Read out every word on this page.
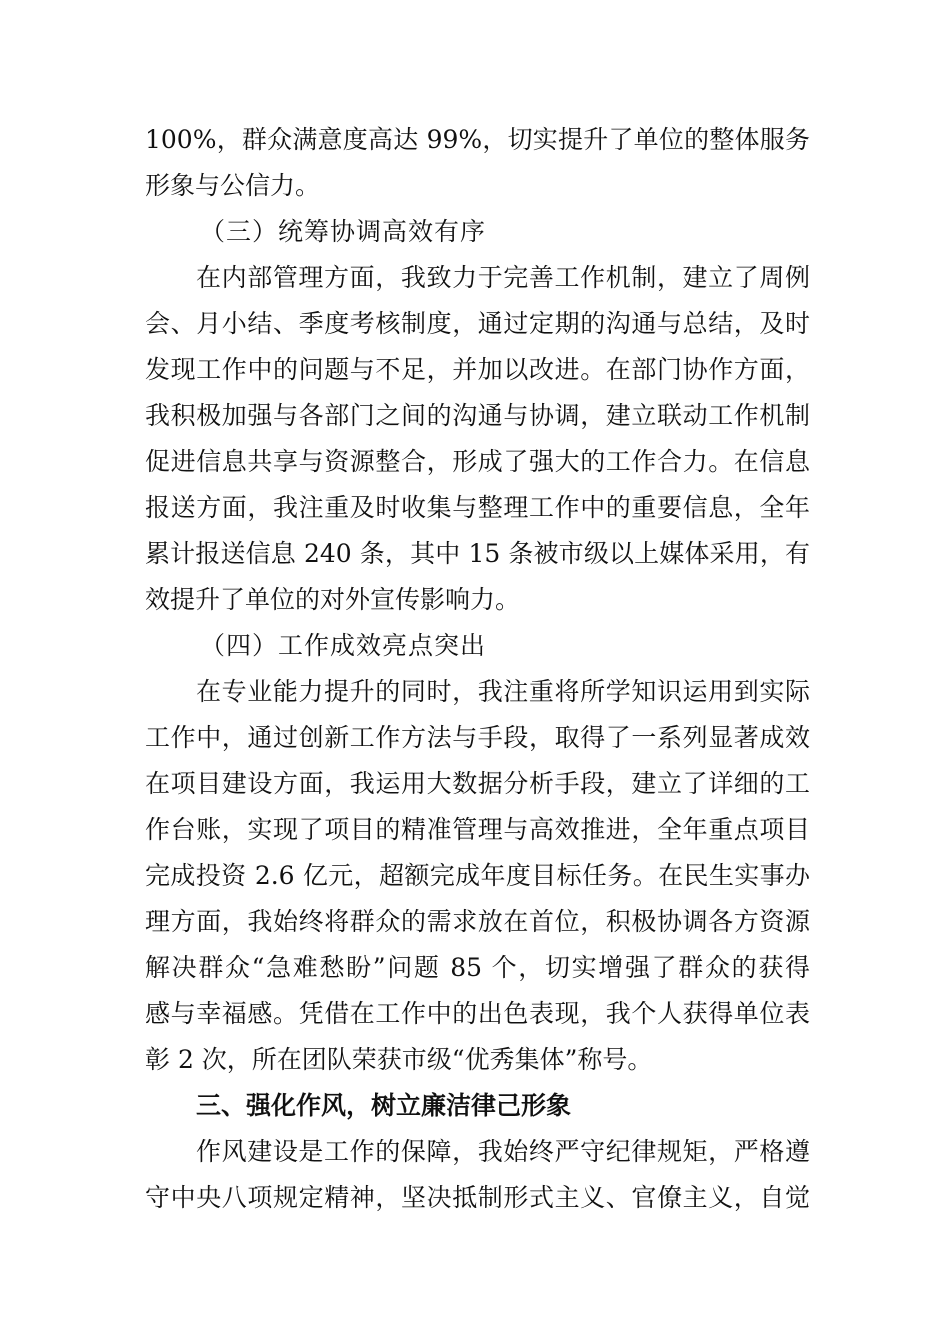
100%，群众满意度高达 99%，切实提升了单位的整体服务
形象与公信力。
（三）统筹协调高效有序
在内部管理方面，我致力于完善工作机制，建立了周例
会、月小结、季度考核制度，通过定期的沟通与总结，及时
发现工作中的问题与不足，并加以改进。在部门协作方面，
我积极加强与各部门之间的沟通与协调，建立联动工作机制
促进信息共享与资源整合，形成了强大的工作合力。在信息
报送方面，我注重及时收集与整理工作中的重要信息，全年
累计报送信息 240 条，其中 15 条被市级以上媒体采用，有
效提升了单位的对外宣传影响力。
（四）工作成效亮点突出
在专业能力提升的同时，我注重将所学知识运用到实际
工作中，通过创新工作方法与手段，取得了一系列显著成效
在项目建设方面，我运用大数据分析手段，建立了详细的工
作台账，实现了项目的精准管理与高效推进，全年重点项目
完成投资 2.6 亿元，超额完成年度目标任务。在民生实事办
理方面，我始终将群众的需求放在首位，积极协调各方资源
解决群众“急难愁盼”问题 85 个，切实增强了群众的获得
感与幸福感。凭借在工作中的出色表现，我个人获得单位表
彰 2 次，所在团队荣获市级“优秀集体”称号。
三、强化作风，树立廉洁律己形象
作风建设是工作的保障，我始终严守纪律规矩，严格遵
守中央八项规定精神，坚决抵制形式主义、官僚主义，自觉
